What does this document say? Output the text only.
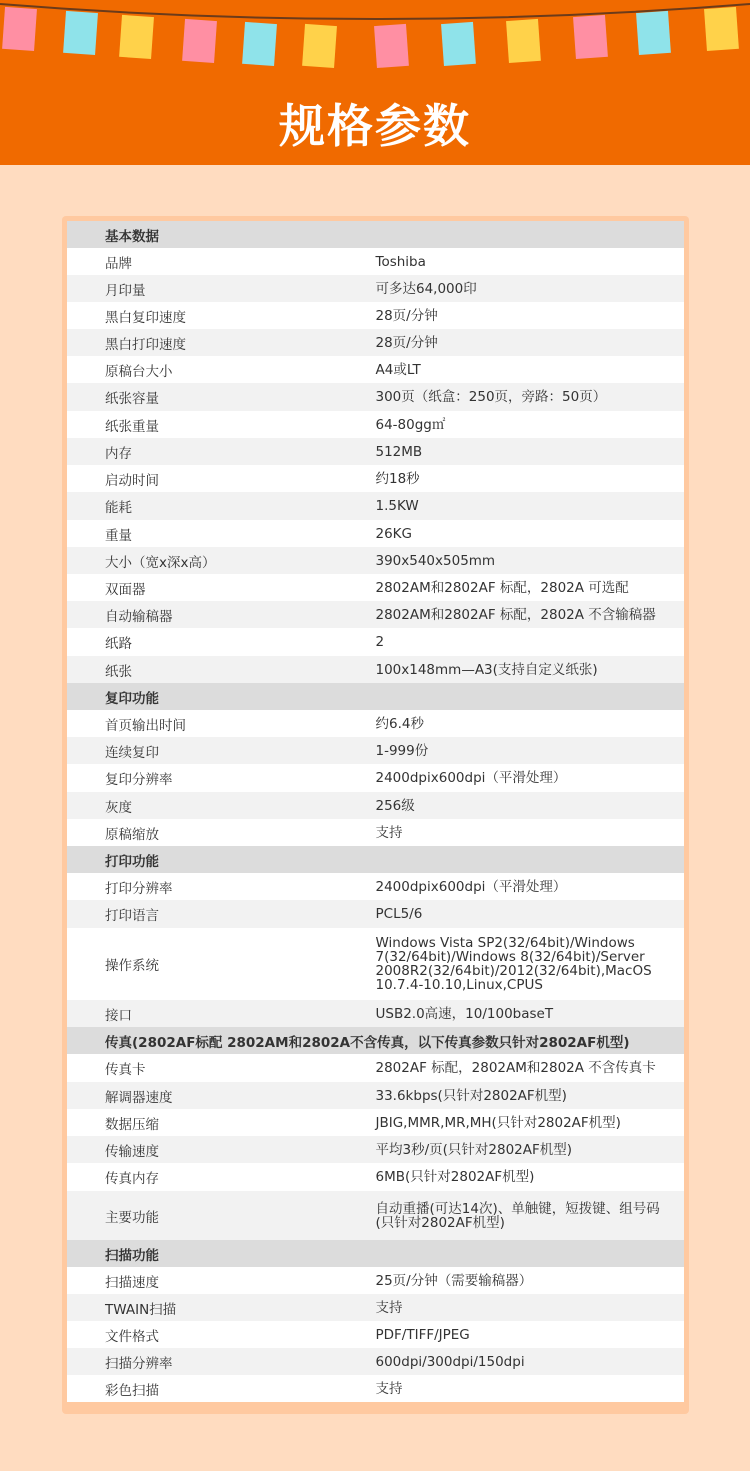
规格参数
基本数据	
品牌	Toshiba
月印量	可多达64,000印
黑白复印速度	28页/分钟
黑白打印速度	28页/分钟
原稿台大小	A4或LT
纸张容量	300页（纸盒：250页，旁路：50页）
纸张重量	64-80gg㎡
内存	512MB
启动时间	约18秒
能耗	1.5KW
重量	26KG
大小（宽x深x高）	390x540x505mm
双面器	2802AM和2802AF 标配，2802A 可选配
自动输稿器	2802AM和2802AF 标配，2802A 不含输稿器
纸路	2
纸张	100x148mm—A3(支持自定义纸张)
复印功能	
首页输出时间	约6.4秒
连续复印	1-999份
复印分辨率	2400dpix600dpi（平滑处理）
灰度	256级
原稿缩放	支持
打印功能	
打印分辨率	2400dpix600dpi（平滑处理）
打印语言	PCL5/6
操作系统	Windows Vista SP2(32/64bit)/Windows 7(32/64bit)/Windows 8(32/64bit)/Server 2008R2(32/64bit)/2012(32/64bit),MacOS 10.7.4-10.10,Linux,CPUS
接口	USB2.0高速，10/100baseT
传真(2802AF标配 2802AM和2802A不含传真，以下传真参数只针对2802AF机型)	
传真卡	2802AF 标配，2802AM和2802A 不含传真卡
解调器速度	33.6kbps(只针对2802AF机型)
数据压缩	JBIG,MMR,MR,MH(只针对2802AF机型)
传输速度	平均3秒/页(只针对2802AF机型)
传真内存	6MB(只针对2802AF机型)
主要功能	自动重播(可达14次)、单触键，短拨键、组号码(只针对2802AF机型)
扫描功能	
扫描速度	25页/分钟（需要输稿器）
TWAIN扫描	支持
文件格式	PDF/TIFF/JPEG
扫描分辨率	600dpi/300dpi/150dpi
彩色扫描	支持
